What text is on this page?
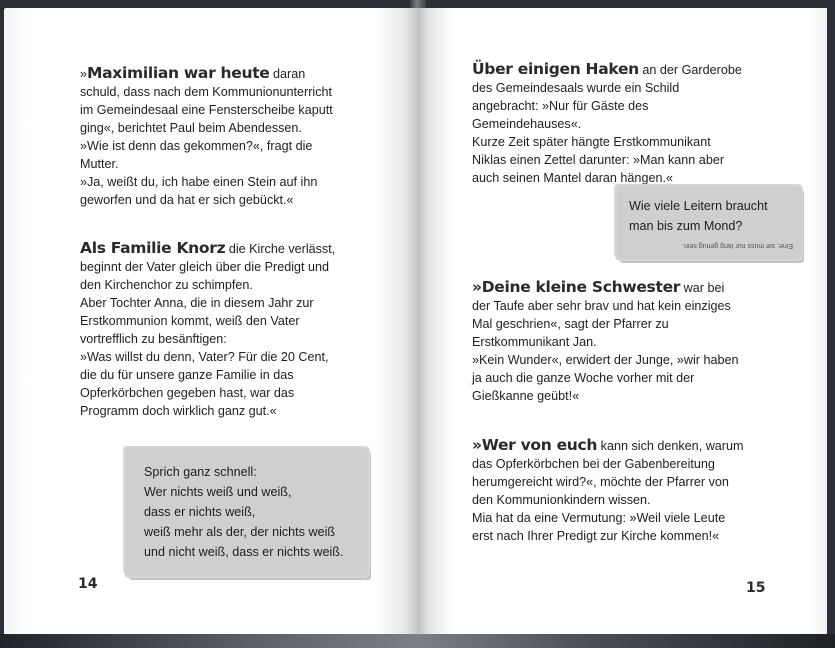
»Maximilian war heute daran schuld, dass nach dem Kommunionunterricht im Gemeindesaal eine Fensterscheibe kaputt ging«, berichtet Paul beim Abendessen.

»Wie ist denn das gekommen?«, fragt die Mutter.

»Ja, weißt du, ich habe einen Stein auf ihn geworfen und da hat er sich gebückt.«

Als Familie Knorz die Kirche verlässt, beginnt der Vater gleich über die Predigt und den Kirchenchor zu schimpfen.

Aber Tochter Anna, die in diesem Jahr zur Erstkommunion kommt, weiß den Vater vortrefflich zu besänftigen:

»Was willst du denn, Vater? Für die 20 Cent, die du für unsere ganze Familie in das Opferkörbchen gegeben hast, war das Programm doch wirklich ganz gut.«

Sprich ganz schnell:
Wer nichts weiß und weiß,
dass er nichts weiß,
weiß mehr als der, der nichts weiß
und nicht weiß, dass er nichts weiß.
14

Über einigen Haken an der Garderobe des Gemeindesaals wurde ein Schild angebracht: »Nur für Gäste des Gemeindehauses«.

Kurze Zeit später hängte Erstkommunikant Niklas einen Zettel darunter: »Man kann aber auch seinen Mantel daran hängen.«

Wie viele Leitern braucht
man bis zum Mond?
Eine, sie muss nur lang genug sein.

»Deine kleine Schwester war bei der Taufe aber sehr brav und hat kein einziges Mal geschrien«, sagt der Pfarrer zu Erstkommunikant Jan.

»Kein Wunder«, erwidert der Junge, »wir haben ja auch die ganze Woche vorher mit der Gießkanne geübt!«

»Wer von euch kann sich denken, warum das Opferkörbchen bei der Gabenbereitung herumgereicht wird?«, möchte der Pfarrer von den Kommunionkindern wissen.

Mia hat da eine Vermutung: »Weil viele Leute erst nach Ihrer Predigt zur Kirche kommen!«

15
